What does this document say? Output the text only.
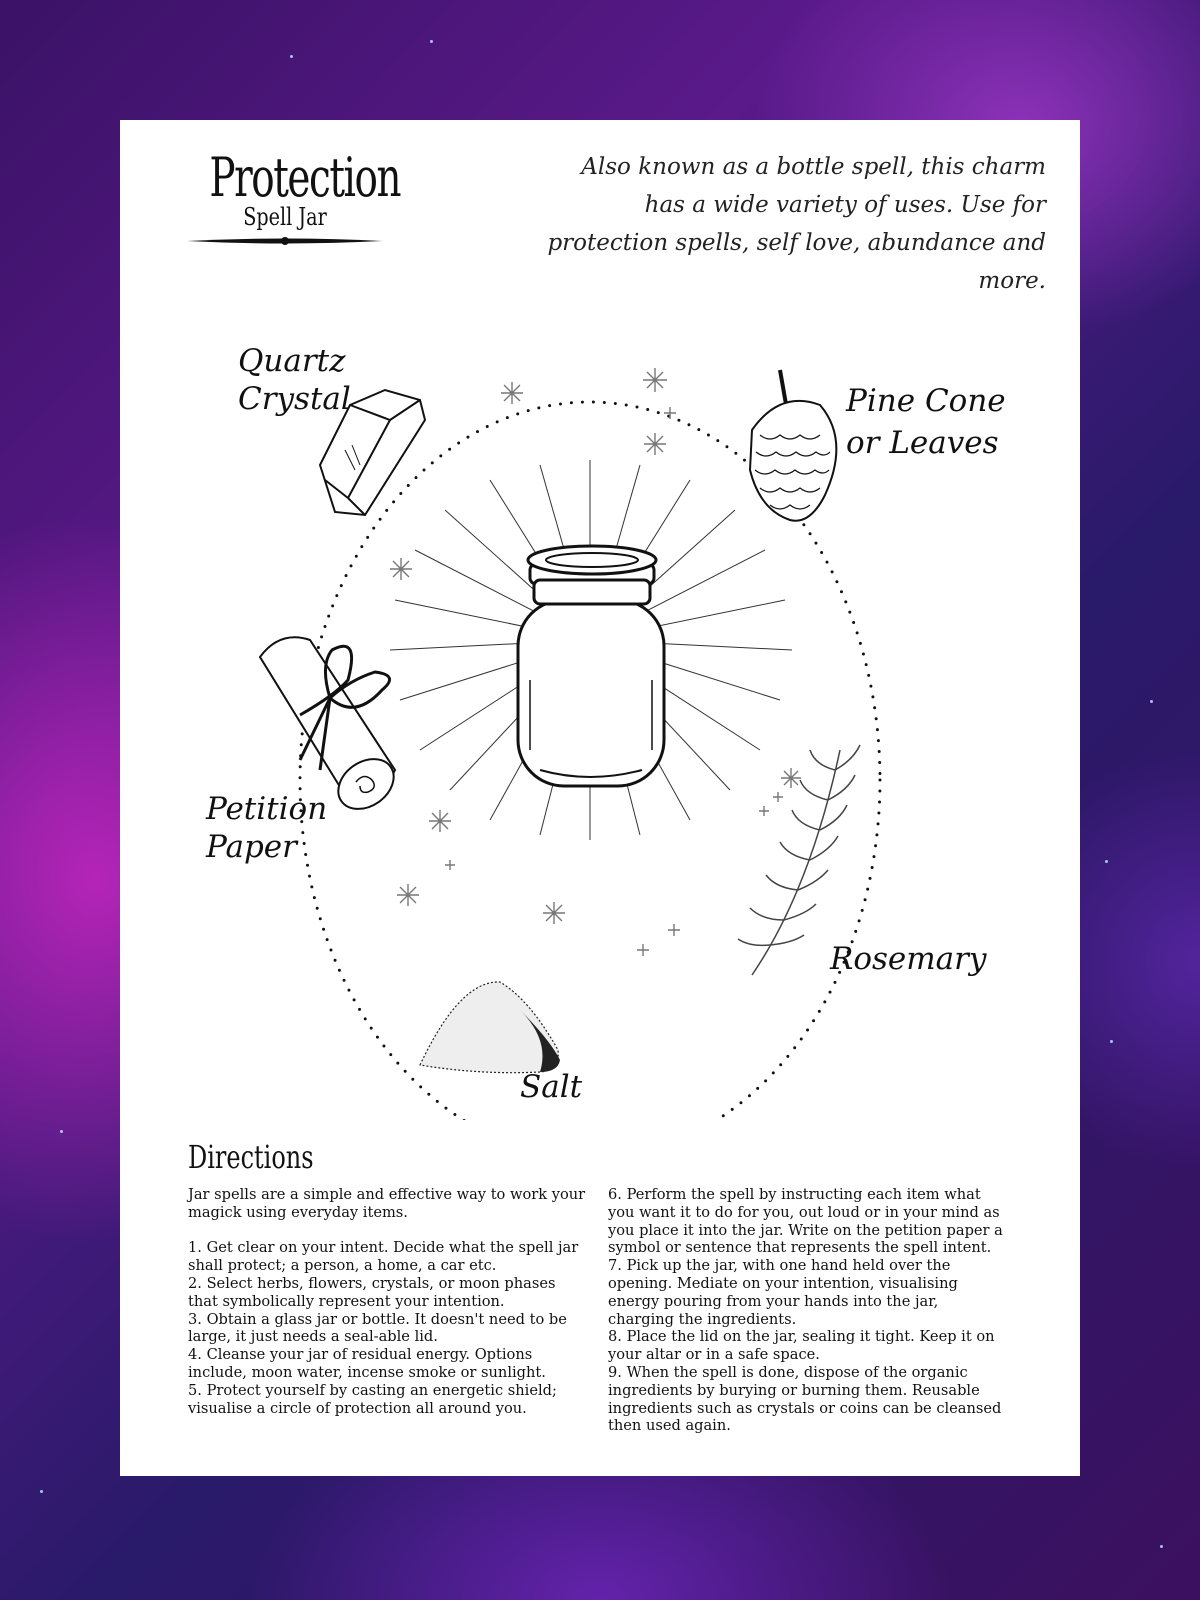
Protection
Spell Jar
Also known as a bottle spell, this charm has a wide variety of uses. Use for protection spells, self love, abundance and more.
Quartz Crystal	Pine Cone or Leaves
Petition Paper
Rosemary
Salt
Directions

Jar spells are a simple and effective way to work your magick using everyday items.

1. Get clear on your intent. Decide what the spell jar shall protect; a person, a home, a car etc.

2. Select herbs, flowers, crystals, or moon phases that symbolically represent your intention.

3. Obtain a glass jar or bottle. It doesn't need to be large, it just needs a seal-able lid.

4. Cleanse your jar of residual energy. Options include, moon water, incense smoke or sunlight.

5. Protect yourself by casting an energetic shield; visualise a circle of protection all around you.

6. Perform the spell by instructing each item what you want it to do for you, out loud or in your mind as you place it into the jar. Write on the petition paper a symbol or sentence that represents the spell intent.

7. Pick up the jar, with one hand held over the opening. Mediate on your intention, visualising energy pouring from your hands into the jar, charging the ingredients.

8. Place the lid on the jar, sealing it tight. Keep it on your altar or in a safe space.

9. When the spell is done, dispose of the organic ingredients by burying or burning them. Reusable ingredients such as crystals or coins can be cleansed then used again.
